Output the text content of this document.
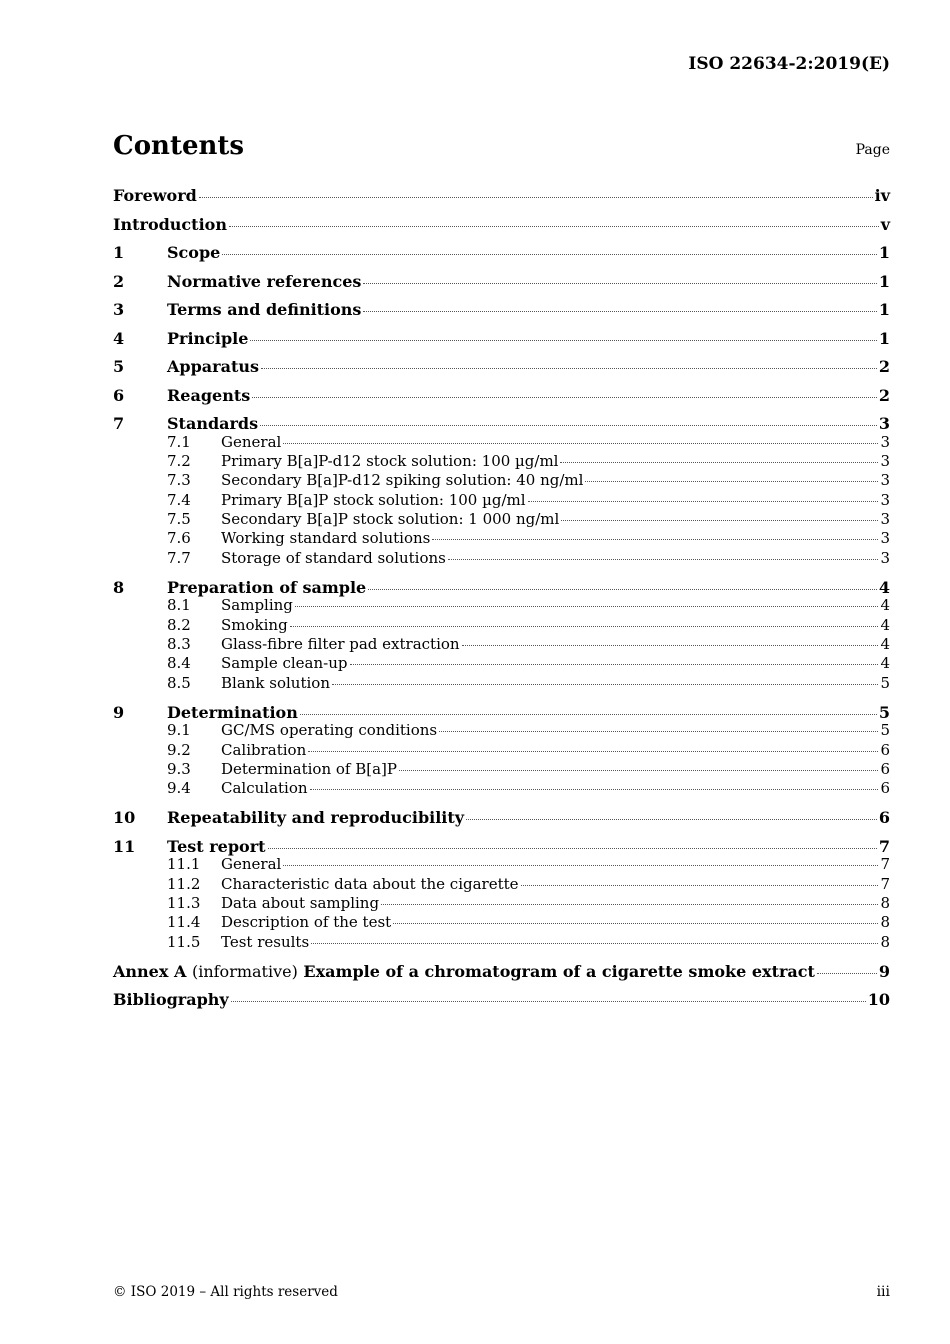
ISO 22634-2:2019(E)
Contents	Page
Foreword	iv
Introduction	v
1	Scope	1
2	Normative references	1
3	Terms and definitions	1
4	Principle	1
5	Apparatus	2
6	Reagents	2
7	Standards	3
7.1	General	3
7.2	Primary B[a]P-d12 stock solution: 100 µg/ml	3
7.3	Secondary B[a]P-d12 spiking solution: 40 ng/ml	3
7.4	Primary B[a]P stock solution: 100 µg/ml	3
7.5	Secondary B[a]P stock solution: 1 000 ng/ml	3
7.6	Working standard solutions	3
7.7	Storage of standard solutions	3
8	Preparation of sample	4
8.1	Sampling	4
8.2	Smoking	4
8.3	Glass-fibre filter pad extraction	4
8.4	Sample clean-up	4
8.5	Blank solution	5
9	Determination	5
9.1	GC/MS operating conditions	5
9.2	Calibration	6
9.3	Determination of B[a]P	6
9.4	Calculation	6
10	Repeatability and reproducibility	6
11	Test report	7
11.1	General	7
11.2	Characteristic data about the cigarette	7
11.3	Data about sampling	8
11.4	Description of the test	8
11.5	Test results	8
Annex A (informative) Example of a chromatogram of a cigarette smoke extract	9
Bibliography	10
© ISO 2019 – All rights reserved	iii
